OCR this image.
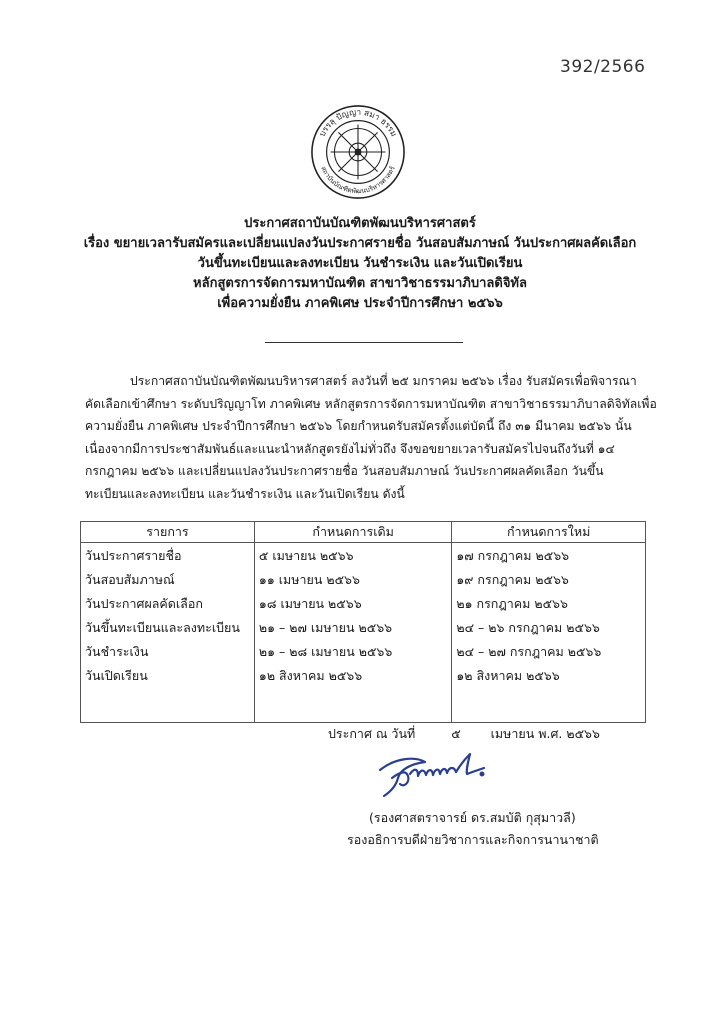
392/2566
บรรลุ ปัญญา สมา ธรรม
สถาบันบัณฑิตพัฒนบริหารศาสตร์
ประกาศสถาบันบัณฑิตพัฒนบริหารศาสตร์
เรื่อง ขยายเวลารับสมัครและเปลี่ยนแปลงวันประกาศรายชื่อ วันสอบสัมภาษณ์ วันประกาศผลคัดเลือก
วันขึ้นทะเบียนและลงทะเบียน วันชำระเงิน และวันเปิดเรียน
หลักสูตรการจัดการมหาบัณฑิต สาขาวิชาธรรมาภิบาลดิจิทัล
เพื่อความยั่งยืน ภาคพิเศษ ประจำปีการศึกษา ๒๕๖๖
ประกาศสถาบันบัณฑิตพัฒนบริหารศาสตร์ ลงวันที่ ๒๕ มกราคม ๒๕๖๖ เรื่อง รับสมัครเพื่อพิจารณา
คัดเลือกเข้าศึกษา ระดับปริญญาโท ภาคพิเศษ หลักสูตรการจัดการมหาบัณฑิต สาขาวิชาธรรมาภิบาลดิจิทัลเพื่อ
ความยั่งยืน ภาคพิเศษ ประจำปีการศึกษา ๒๕๖๖ โดยกำหนดรับสมัครตั้งแต่บัดนี้ ถึง ๓๑ มีนาคม ๒๕๖๖ นั้น
เนื่องจากมีการประชาสัมพันธ์และแนะนำหลักสูตรยังไม่ทั่วถึง จึงขอขยายเวลารับสมัครไปจนถึงวันที่ ๑๔
กรกฎาคม ๒๕๖๖ และเปลี่ยนแปลงวันประกาศรายชื่อ วันสอบสัมภาษณ์ วันประกาศผลคัดเลือก วันขึ้น
ทะเบียนและลงทะเบียน และวันชำระเงิน และวันเปิดเรียน ดังนี้
รายการ	กำหนดการเดิม	กำหนดการใหม่
วันประกาศรายชื่อ	๕ เมษายน ๒๕๖๖	๑๗ กรกฎาคม ๒๕๖๖
วันสอบสัมภาษณ์	๑๑ เมษายน ๒๕๖๖	๑๙ กรกฎาคม ๒๕๖๖
วันประกาศผลคัดเลือก	๑๘ เมษายน ๒๕๖๖	๒๑ กรกฎาคม ๒๕๖๖
วันขึ้นทะเบียนและลงทะเบียน	๒๑ – ๒๗ เมษายน ๒๕๖๖	๒๔ – ๒๖ กรกฎาคม ๒๕๖๖
วันชำระเงิน	๒๑ – ๒๘ เมษายน ๒๕๖๖	๒๔ – ๒๗ กรกฎาคม ๒๕๖๖
วันเปิดเรียน	๑๒ สิงหาคม ๒๕๖๖	๑๒ สิงหาคม ๒๕๖๖

ประกาศ ณ วันที่	๕ เมษายน พ.ศ. ๒๕๖๖
(รองศาสตราจารย์ ดร.สมบัติ กุสุมาวลี)
รองอธิการบดีฝ่ายวิชาการและกิจการนานาชาติ
